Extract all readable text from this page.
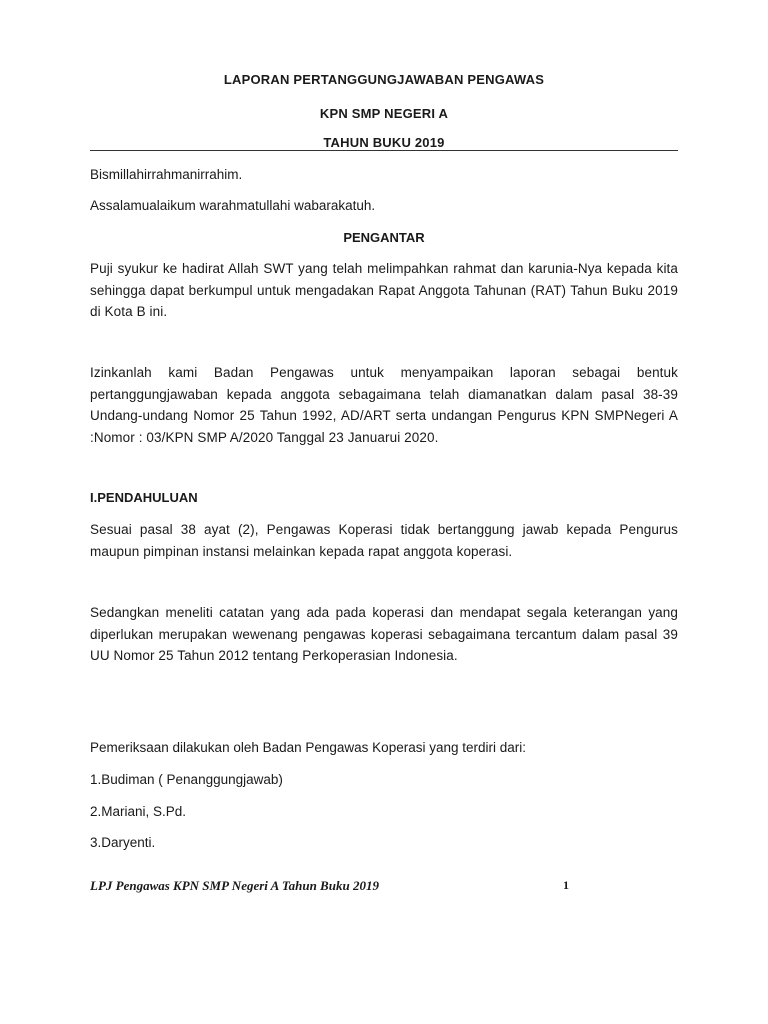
LAPORAN PERTANGGUNGJAWABAN PENGAWAS
KPN SMP NEGERI A
TAHUN BUKU 2019
Bismillahirrahmanirrahim.
Assalamualaikum warahmatullahi wabarakatuh.
PENGANTAR
Puji syukur ke hadirat Allah SWT yang telah melimpahkan rahmat dan karunia-Nya kepada kita sehingga dapat berkumpul untuk mengadakan Rapat Anggota Tahunan (RAT) Tahun Buku 2019 di Kota B ini.
Izinkanlah kami Badan Pengawas untuk menyampaikan laporan sebagai bentuk pertanggungjawaban kepada anggota sebagaimana telah diamanatkan dalam pasal 38-39 Undang-undang Nomor 25 Tahun 1992, AD/ART serta undangan Pengurus KPN SMPNegeri A :Nomor : 03/KPN SMP A/2020 Tanggal 23 Januarui 2020.
I.PENDAHULUAN
Sesuai pasal 38 ayat (2), Pengawas Koperasi tidak bertanggung jawab kepada Pengurus maupun pimpinan instansi melainkan kepada rapat anggota koperasi.
Sedangkan meneliti catatan yang ada pada koperasi dan mendapat segala keterangan yang diperlukan merupakan wewenang pengawas koperasi sebagaimana tercantum dalam pasal 39 UU Nomor 25 Tahun 2012 tentang Perkoperasian Indonesia.
Pemeriksaan dilakukan oleh Badan Pengawas Koperasi yang terdiri dari:
1.Budiman ( Penanggungjawab)
2.Mariani, S.Pd.
3.Daryenti.
LPJ Pengawas KPN SMP Negeri A Tahun Buku 2019	1
